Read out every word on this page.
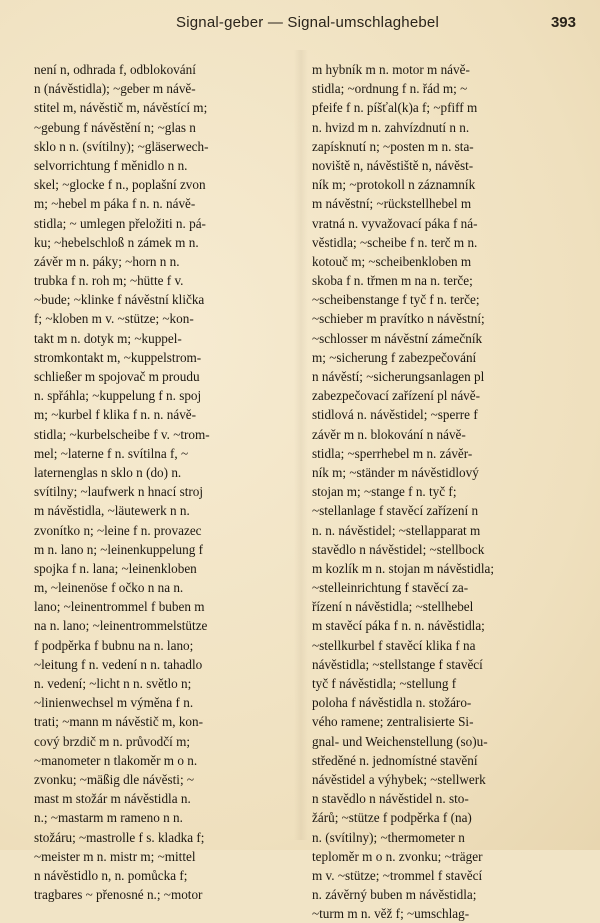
Signal-geber — Signal-umschlaghebel	393
není n, odhrada f, odblokování
n (návěstidla); ~geber m návě-
stitel m, návěstič m, návěstící m;
~gebung f návěstění n; ~glas n
sklo n n. (svítilny); ~gläserwech-
selvorrichtung f měnidlo n n.
skel; ~glocke f n., poplašní zvon
m; ~hebel m páka f n. n. návě-
stidla; ~ umlegen přeložiti n. pá-
ku; ~hebelschloß n zámek m n.
závěr m n. páky; ~horn n n.
trubka f n. roh m; ~hütte f v.
~bude; ~klinke f návěstní klička
f; ~kloben m v. ~stütze; ~kon-
takt m n. dotyk m; ~kuppel-
stromkontakt m, ~kuppelstrom-
schließer m spojovač m proudu
n. spřáhla; ~kuppelung f n. spoj
m; ~kurbel f klika f n. n. návě-
stidla; ~kurbelscheibe f v. ~trom-
mel; ~laterne f n. svítilna f, ~
laternenglas n sklo n (do) n.
svítilny; ~laufwerk n hnací stroj
m návěstidla, ~läutewerk n n.
zvonítko n; ~leine f n. provazec
m n. lano n; ~leinenkuppelung f
spojka f n. lana; ~leinenkloben
m, ~leinenöse f očko n na n.
lano; ~leinentrommel f buben m
na n. lano; ~leinentrommelstütze
f podpěrka f bubnu na n. lano;
~leitung f n. vedení n n. tahadlo
n. vedení; ~licht n n. světlo n;
~linienwechsel m výměna f n.
trati; ~mann m návěstič m, kon-
cový brzdič m n. průvodčí m;
~manometer n tlakoměr m o n.
zvonku; ~mäßig dle návěsti; ~
mast m stožár m návěstidla n.
n.; ~mastarm m rameno n n.
stožáru; ~mastrolle f s. kladka f;
~meister m n. mistr m; ~mittel
n návěstidlo n, n. pomůcka f;
tragbares ~ přenosné n.; ~motor
m hybník m n. motor m návě-
stidla; ~ordnung f n. řád m; ~
pfeife f n. píšťal(k)a f; ~pfiff m
n. hvizd m n. zahvízdnutí n n.
zapísknutí n; ~posten m n. sta-
noviště n, návěstiště n, návěst-
ník m; ~protokoll n záznamník
m návěstní; ~rückstellhebel m
vratná n. vyvažovací páka f ná-
věstidla; ~scheibe f n. terč m n.
kotouč m; ~scheibenkloben m
skoba f n. třmen m na n. terče;
~scheibenstange f tyč f n. terče;
~schieber m pravítko n návěstní;
~schlosser m návěstní zámečník
m; ~sicherung f zabezpečování
n návěstí; ~sicherungsanlagen pl
zabezpečovací zařízení pl návě-
stidlová n. návěstidel; ~sperre f
závěr m n. blokování n návě-
stidla; ~sperrhebel m n. závěr-
ník m; ~ständer m návěstidlový
stojan m; ~stange f n. tyč f;
~stellanlage f stavěcí zařízení n
n. n. návěstidel; ~stellapparat m
stavědlo n návěstidel; ~stellbock
m kozlík m n. stojan m návěstidla;
~stelleinrichtung f stavěcí za-
řízení n návěstidla; ~stellhebel
m stavěcí páka f n. n. návěstidla;
~stellkurbel f stavěcí klika f na
návěstidla; ~stellstange f stavěcí
tyč f návěstidla; ~stellung f
poloha f návěstidla n. stožáro-
vého ramene; zentralisierte Si-
gnal- und Weichenstellung (so)u-
středěné n. jednomístné stavění
návěstidel a výhybek; ~stellwerk
n stavědlo n návěstidel n. sto-
žárů; ~stütze f podpěrka f (na)
n. (svítilny); ~thermometer n
teploměr m o n. zvonku; ~träger
m v. ~stütze; ~trommel f stavěcí
n. závěrný buben m návěstidla;
~turm m n. věž f; ~umschlag-
